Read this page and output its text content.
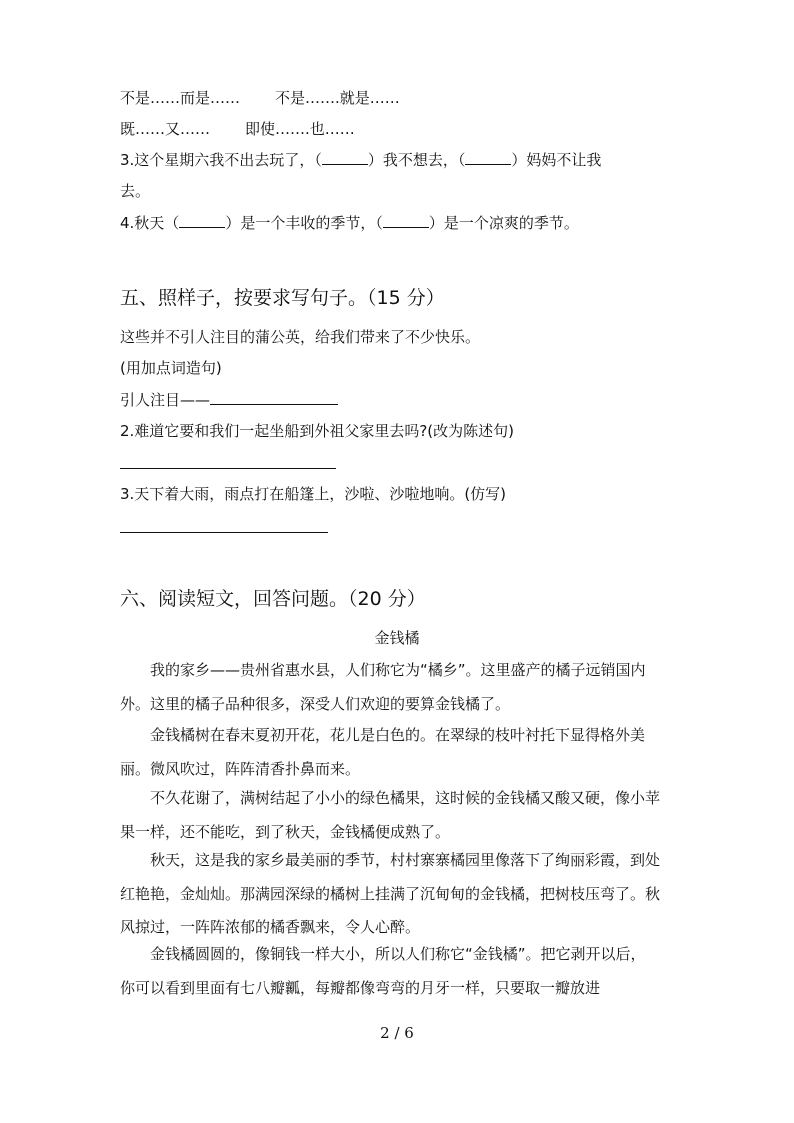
不是……而是…… 不是…….就是……
既……又…… 即使…….也……
3.这个星期六我不出去玩了，（	）我不想去，（	）妈妈不让我
去。
4.秋天（	）是一个丰收的季节，（	）是一个凉爽的季节。
五、照样子，按要求写句子。（15 分）
这些并不引人注目的蒲公英，给我们带来了不少快乐。
(用加点词造句)
引人注目——
2.难道它要和我们一起坐船到外祖父家里去吗?(改为陈述句)
3.天下着大雨，雨点打在船篷上，沙啦、沙啦地响。(仿写)
六、阅读短文，回答问题。（20 分）
金钱橘
我的家乡——贵州省惠水县，人们称它为“橘乡”。这里盛产的橘子远销国内外。这里的橘子品种很多，深受人们欢迎的要算金钱橘了。
金钱橘树在春末夏初开花，花儿是白色的。在翠绿的枝叶衬托下显得格外美丽。微风吹过，阵阵清香扑鼻而来。
不久花谢了，满树结起了小小的绿色橘果，这时候的金钱橘又酸又硬，像小苹果一样，还不能吃，到了秋天，金钱橘便成熟了。
秋天，这是我的家乡最美丽的季节，村村寨寨橘园里像落下了绚丽彩霞，到处红艳艳，金灿灿。那满园深绿的橘树上挂满了沉甸甸的金钱橘，把树枝压弯了。秋风掠过，一阵阵浓郁的橘香飘来，令人心醉。
金钱橘圆圆的，像铜钱一样大小，所以人们称它“金钱橘”。把它剥开以后，你可以看到里面有七八瓣瓤，每瓣都像弯弯的月牙一样，只要取一瓣放进
2 / 6
